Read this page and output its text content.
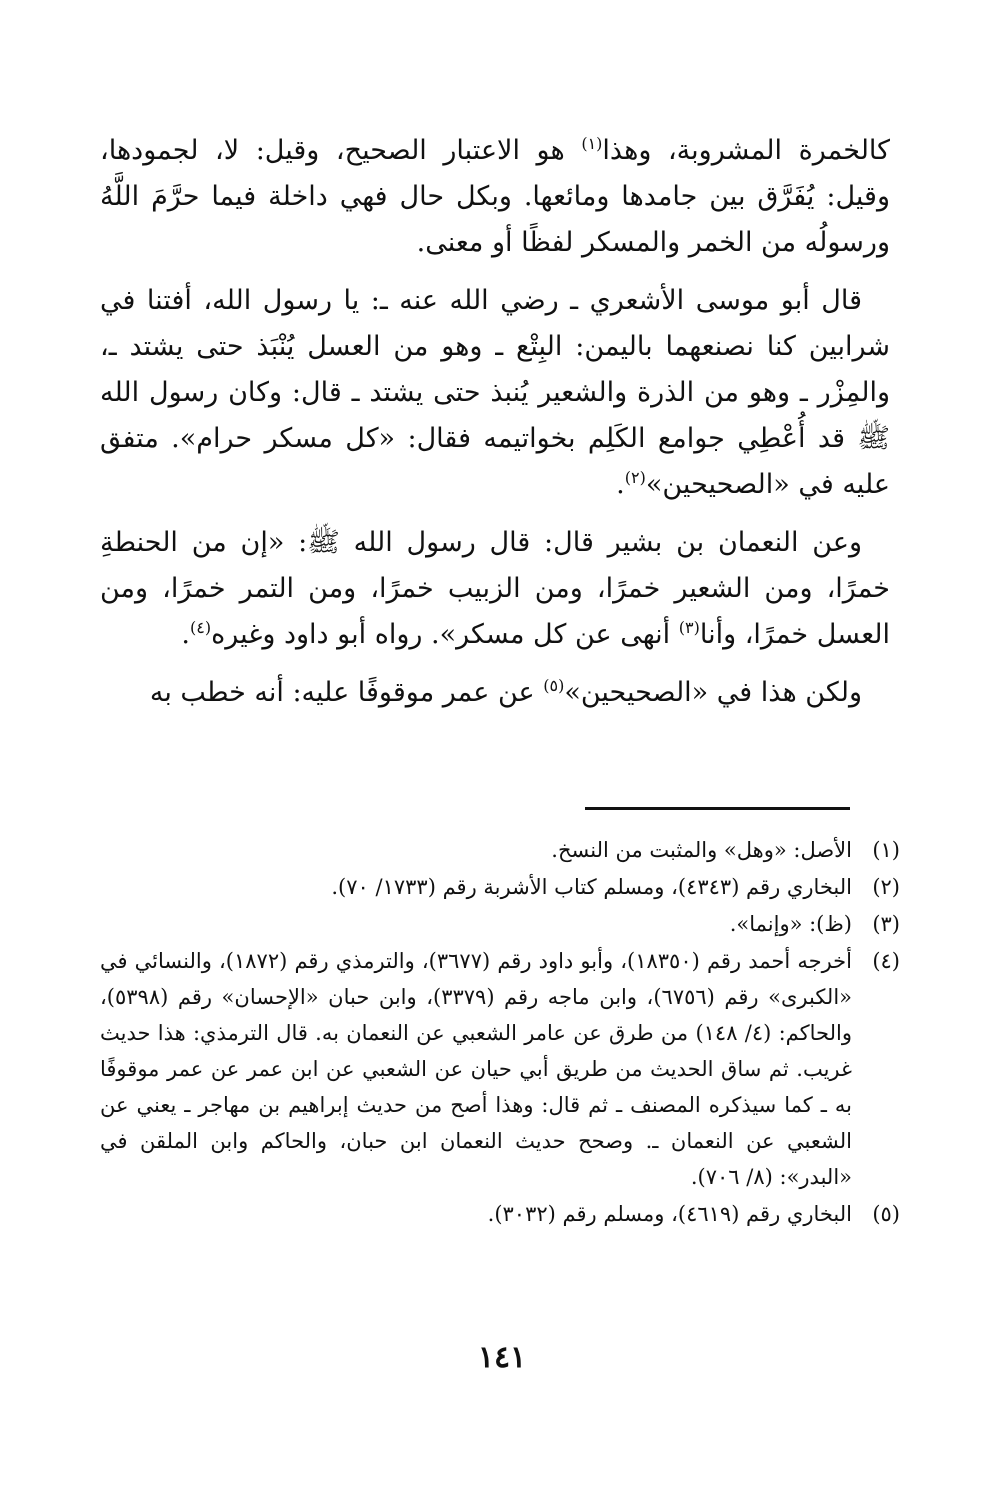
كالخمرة المشروبة، وهذا$^{(١)}$ هو الاعتبار الصحيح، وقيل: لا، لجمودها، وقيل: يُفَرَّق بين جامدها ومائعها. وبكل حال فهي داخلة فيما حرَّمَ اللَّهُ ورسولُه من الخمر والمسكر لفظًا أو معنى.

قال أبو موسى الأشعري ـ رضي الله عنه ـ: يا رسول الله، أفتنا في شرابين كنا نصنعهما باليمن: البِتْع ـ وهو من العسل يُنْبَذ حتى يشتد ـ، والمِزْر ـ وهو من الذرة والشعير يُنبذ حتى يشتد ـ قال: وكان رسول الله ﷺ قد أُعْطِي جوامع الكَلِم بخواتيمه فقال: «كل مسكر حرام». متفق عليه في «الصحيحين»$^{(٢)}$.

وعن النعمان بن بشير قال: قال رسول الله ﷺ: «إن من الحنطةِ خمرًا، ومن الشعير خمرًا، ومن الزبيب خمرًا، ومن التمر خمرًا، ومن العسل خمرًا، وأنا$^{(٣)}$ أنهى عن كل مسكر». رواه أبو داود وغيره$^{(٤)}$.

ولكن هذا في «الصحيحين»$^{(٥)}$ عن عمر موقوفًا عليه: أنه خطب به

(١)
الأصل: «وهل» والمثبت من النسخ.
(٢)
البخاري رقم (٤٣٤٣)، ومسلم كتاب الأشربة رقم (١٧٣٣/ ٧٠).
(٣)
(ظ): «وإنما».
(٤)
أخرجه أحمد رقم (١٨٣٥٠)، وأبو داود رقم (٣٦٧٧)، والترمذي رقم (١٨٧٢)، والنسائي في «الكبرى» رقم (٦٧٥٦)، وابن ماجه رقم (٣٣٧٩)، وابن حبان «الإحسان» رقم (٥٣٩٨)، والحاكم: (٤/ ١٤٨) من طرق عن عامر الشعبي عن النعمان به. قال الترمذي: هذا حديث غريب. ثم ساق الحديث من طريق أبي حيان عن الشعبي عن ابن عمر عن عمر موقوفًا به ـ كما سيذكره المصنف ـ ثم قال: وهذا أصح من حديث إبراهيم بن مهاجر ـ يعني عن الشعبي عن النعمان ـ. وصحح حديث النعمان ابن حبان، والحاكم وابن الملقن في «البدر»: (٨/ ٧٠٦).
(٥)
البخاري رقم (٤٦١٩)، ومسلم رقم (٣٠٣٢).
١٤١
